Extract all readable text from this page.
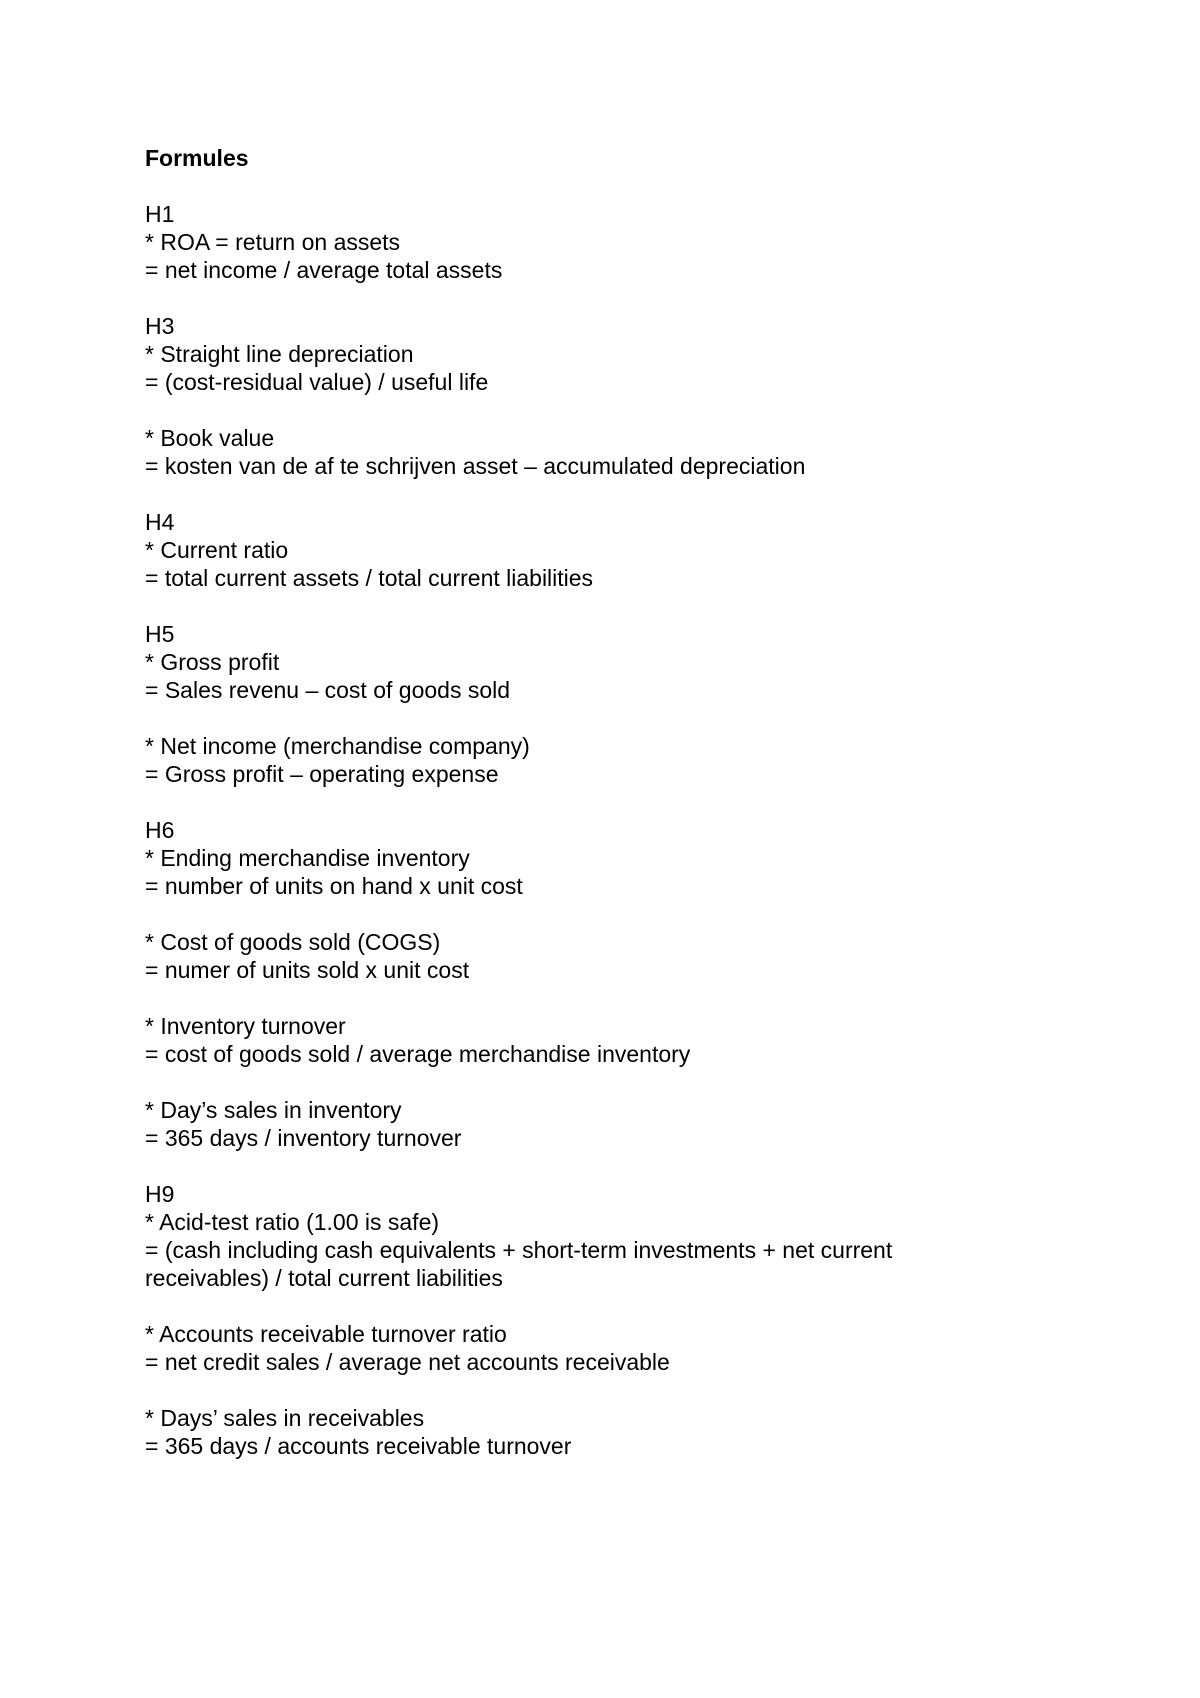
Formules
H1
* ROA = return on assets
= net income / average total assets
H3
* Straight line depreciation
= (cost-residual value) / useful life
* Book value
= kosten van de af te schrijven asset – accumulated depreciation
H4
* Current ratio
= total current assets / total current liabilities
H5
* Gross profit
= Sales revenu – cost of goods sold
* Net income (merchandise company)
= Gross profit – operating expense
H6
* Ending merchandise inventory
= number of units on hand x unit cost
* Cost of goods sold (COGS)
= numer of units sold x unit cost
* Inventory turnover
= cost of goods sold / average merchandise inventory
* Day’s sales in inventory
= 365 days / inventory turnover
H9
* Acid-test ratio (1.00 is safe)
= (cash including cash equivalents + short-term investments + net current
receivables) / total current liabilities
* Accounts receivable turnover ratio
= net credit sales / average net accounts receivable
* Days’ sales in receivables
= 365 days / accounts receivable turnover
